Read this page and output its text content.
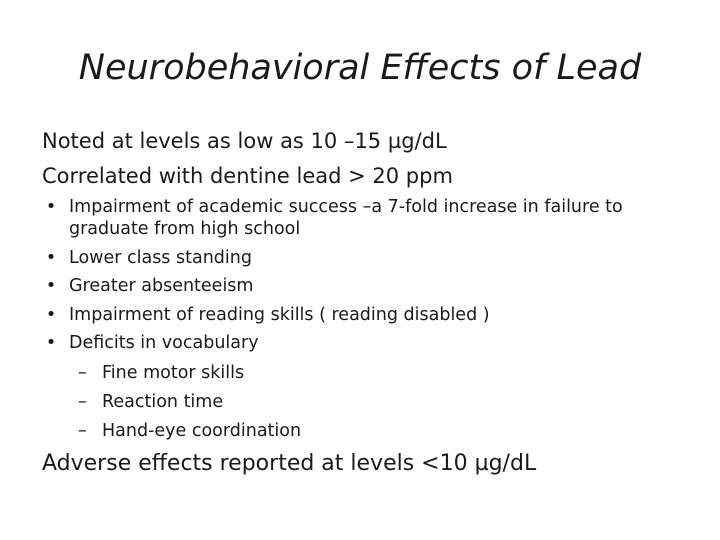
Neurobehavioral Effects of Lead
Noted at levels as low as 10 –15 µg/dL
Correlated with dentine lead > 20 ppm
• Impairment of academic success –a 7-fold increase in failure to graduate from high school
• Lower class standing
• Greater absenteeism
• Impairment of reading skills ( reading disabled )
• Deficits in vocabulary
– Fine motor skills
– Reaction time
– Hand-eye coordination
Adverse effects reported at levels <10 µg/dL
